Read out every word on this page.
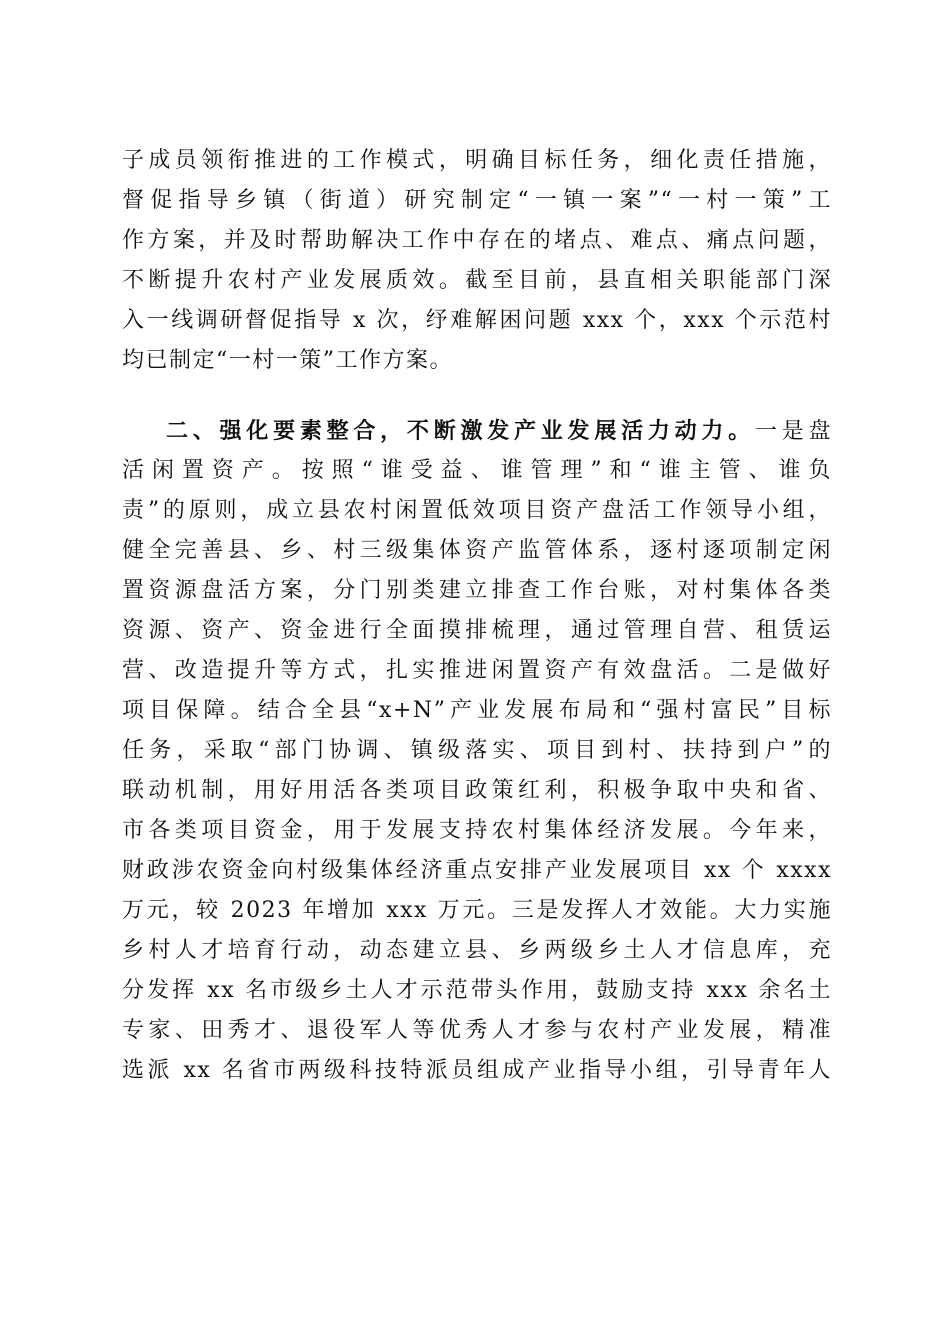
子成员领衔推进的工作模式，明确目标任务，细化责任措施，
督促指导乡镇（街道）研究制定“一镇一案”“一村一策”工
作方案，并及时帮助解决工作中存在的堵点、难点、痛点问题，
不断提升农村产业发展质效。截至目前，县直相关职能部门深
入一线调研督促指导 x 次，纾难解困问题 xxx 个，xxx 个示范村
均已制定“一村一策”工作方案。
二、强化要素整合，不断激发产业发展活力动力。一是盘
活闲置资产。按照“谁受益、谁管理”和“谁主管、谁负
责”的原则，成立县农村闲置低效项目资产盘活工作领导小组，
健全完善县、乡、村三级集体资产监管体系，逐村逐项制定闲
置资源盘活方案，分门别类建立排查工作台账，对村集体各类
资源、资产、资金进行全面摸排梳理，通过管理自营、租赁运
营、改造提升等方式，扎实推进闲置资产有效盘活。二是做好
项目保障。结合全县“x+N”产业发展布局和“强村富民”目标
任务，采取“部门协调、镇级落实、项目到村、扶持到户”的
联动机制，用好用活各类项目政策红利，积极争取中央和省、
市各类项目资金，用于发展支持农村集体经济发展。今年来，
财政涉农资金向村级集体经济重点安排产业发展项目 xx 个 xxxx
万元，较 2023 年增加 xxx 万元。三是发挥人才效能。大力实施
乡村人才培育行动，动态建立县、乡两级乡土人才信息库，充
分发挥 xx 名市级乡土人才示范带头作用，鼓励支持 xxx 余名土
专家、田秀才、退役军人等优秀人才参与农村产业发展，精准
选派 xx 名省市两级科技特派员组成产业指导小组，引导青年人
